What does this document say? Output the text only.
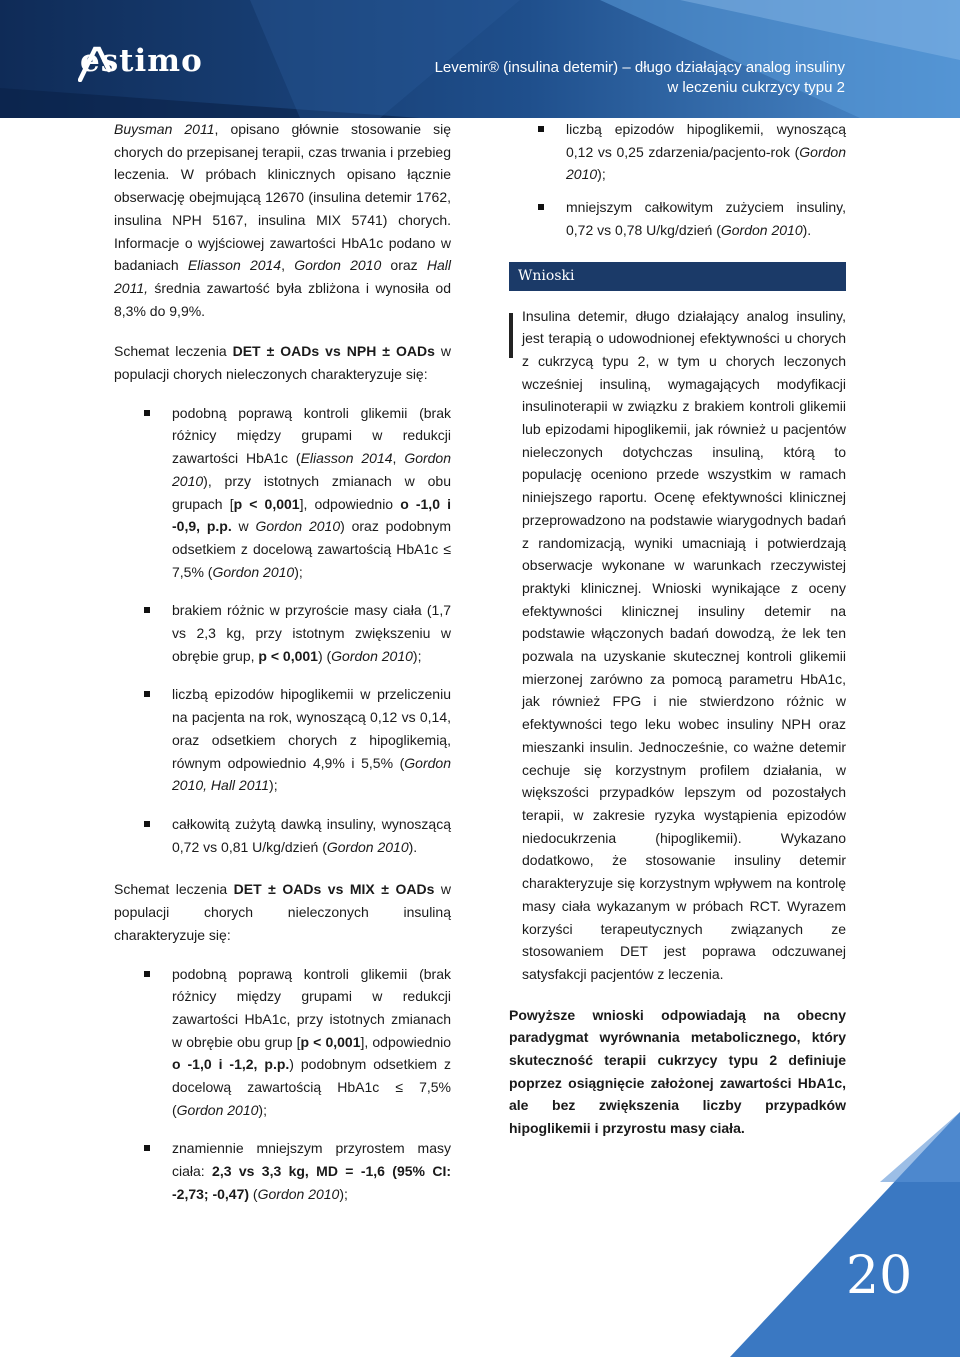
estimo	Levemir® (insulina detemir) – długo działający analog insuliny
w leczeniu cukrzycy typu 2

Buysman 2011, opisano głównie stosowanie się chorych do przepisanej terapii, czas trwania i przebieg leczenia. W próbach klinicznych opisano łącznie obserwację obejmującą 12670 (insulina detemir 1762, insulina NPH 5167, insulina MIX 5741) chorych. Informacje o wyjściowej zawartości HbA1c podano w badaniach Eliasson 2014, Gordon 2010 oraz Hall 2011, średnia zawartość była zbliżona i wynosiła od 8,3% do 9,9%.

Schemat leczenia DET ± OADs vs NPH ± OADs w populacji chorych nieleczonych charakteryzuje się:

podobną poprawą kontroli glikemii (brak różnicy między grupami w redukcji zawartości HbA1c (Eliasson 2014, Gordon 2010), przy istotnych zmianach w obu grupach [p < 0,001], odpowiednio o -1,0 i -0,9, p.p. w Gordon 2010) oraz podobnym odsetkiem z docelową zawartością HbA1c ≤ 7,5% (Gordon 2010);
brakiem różnic w przyroście masy ciała (1,7 vs 2,3 kg, przy istotnym zwiększeniu w obrębie grup, p < 0,001) (Gordon 2010);
liczbą epizodów hipoglikemii w przeliczeniu na pacjenta na rok, wynoszącą 0,12 vs 0,14, oraz odsetkiem chorych z hipoglikemią, równym odpowiednio 4,9% i 5,5% (Gordon 2010, Hall 2011);
całkowitą zużytą dawką insuliny, wynoszącą 0,72 vs 0,81 U/kg/dzień (Gordon 2010).

Schemat leczenia DET ± OADs vs MIX ± OADs w populacji chorych nieleczonych insuliną charakteryzuje się:

podobną poprawą kontroli glikemii (brak różnicy między grupami w redukcji zawartości HbA1c, przy istotnych zmianach w obrębie obu grup [p < 0,001], odpowiednio o -1,0 i -1,2, p.p.) podobnym odsetkiem z docelową zawartością HbA1c ≤ 7,5% (Gordon 2010);
znamiennie mniejszym przyrostem masy ciała: 2,3 vs 3,3 kg, MD = -1,6 (95% CI: -2,73; -0,47) (Gordon 2010);
liczbą epizodów hipoglikemii, wynoszącą 0,12 vs 0,25 zdarzenia/pacjento-rok (Gordon 2010);
mniejszym całkowitym zużyciem insuliny, 0,72 vs 0,78 U/kg/dzień (Gordon 2010).
Wnioski

Insulina detemir, długo działający analog insuliny, jest terapią o udowodnionej efektywności u chorych z cukrzycą typu 2, w tym u chorych leczonych wcześniej insuliną, wymagających modyfikacji insulinoterapii w związku z brakiem kontroli glikemii lub epizodami hipoglikemii, jak również u pacjentów nieleczonych dotychczas insuliną, którą to populację oceniono przede wszystkim w ramach niniejszego raportu. Ocenę efektywności klinicznej przeprowadzono na podstawie wiarygodnych badań z randomizacją, wyniki umacniają i potwierdzają obserwacje wykonane w warunkach rzeczywistej praktyki klinicznej. Wnioski wynikające z oceny efektywności klinicznej insuliny detemir na podstawie włączonych badań dowodzą, że lek ten pozwala na uzyskanie skutecznej kontroli glikemii mierzonej zarówno za pomocą parametru HbA1c, jak również FPG i nie stwierdzono różnic w efektywności tego leku wobec insuliny NPH oraz mieszanki insulin. Jednocześnie, co ważne detemir cechuje się korzystnym profilem działania, w większości przypadków lepszym od pozostałych terapii, w zakresie ryzyka wystąpienia epizodów niedocukrzenia (hipoglikemii). Wykazano dodatkowo, że stosowanie insuliny detemir charakteryzuje się korzystnym wpływem na kontrolę masy ciała wykazanym w próbach RCT. Wyrazem korzyści terapeutycznych związanych ze stosowaniem DET jest poprawa odczuwanej satysfakcji pacjentów z leczenia.

Powyższe wnioski odpowiadają na obecny paradygmat wyrównania metabolicznego, który skuteczność terapii cukrzycy typu 2 definiuje poprzez osiągnięcie założonej zawartości HbA1c, ale bez zwiększenia liczby przypadków hipoglikemii i przyrostu masy ciała.

20
